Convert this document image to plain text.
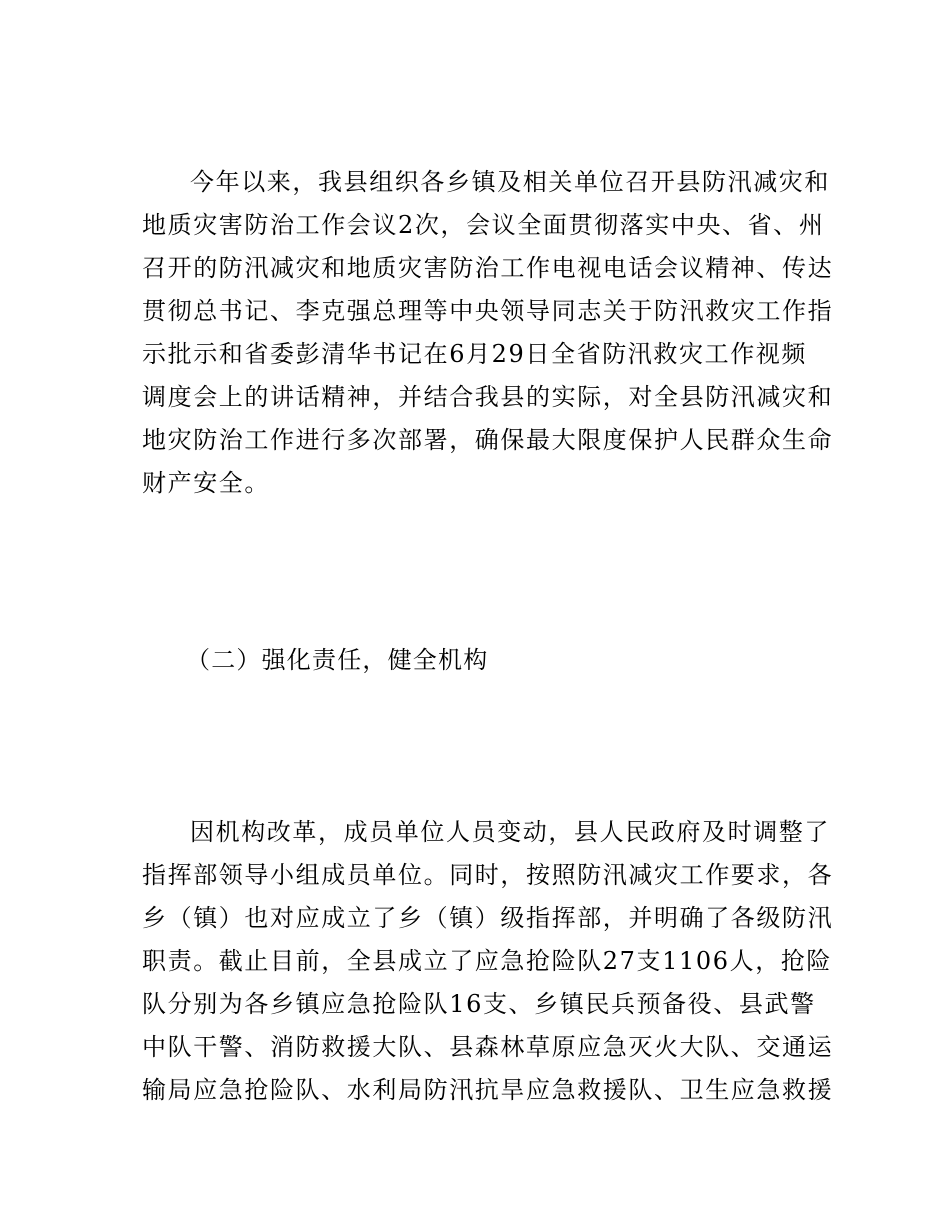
今年以来，我县组织各乡镇及相关单位召开县防汛减灾和
地质灾害防治工作会议2次，会议全面贯彻落实中央、省、州
召开的防汛减灾和地质灾害防治工作电视电话会议精神、传达
贯彻总书记、李克强总理等中央领导同志关于防汛救灾工作指
示批示和省委彭清华书记在6月29日全省防汛救灾工作视频
调度会上的讲话精神，并结合我县的实际，对全县防汛减灾和
地灾防治工作进行多次部署，确保最大限度保护人民群众生命
财产安全。
（二）强化责任，健全机构
因机构改革，成员单位人员变动，县人民政府及时调整了
指挥部领导小组成员单位。同时，按照防汛减灾工作要求，各
乡（镇）也对应成立了乡（镇）级指挥部，并明确了各级防汛
职责。截止目前，全县成立了应急抢险队27支1106人，抢险
队分别为各乡镇应急抢险队16支、乡镇民兵预备役、县武警
中队干警、消防救援大队、县森林草原应急灭火大队、交通运
输局应急抢险队、水利局防汛抗旱应急救援队、卫生应急救援
